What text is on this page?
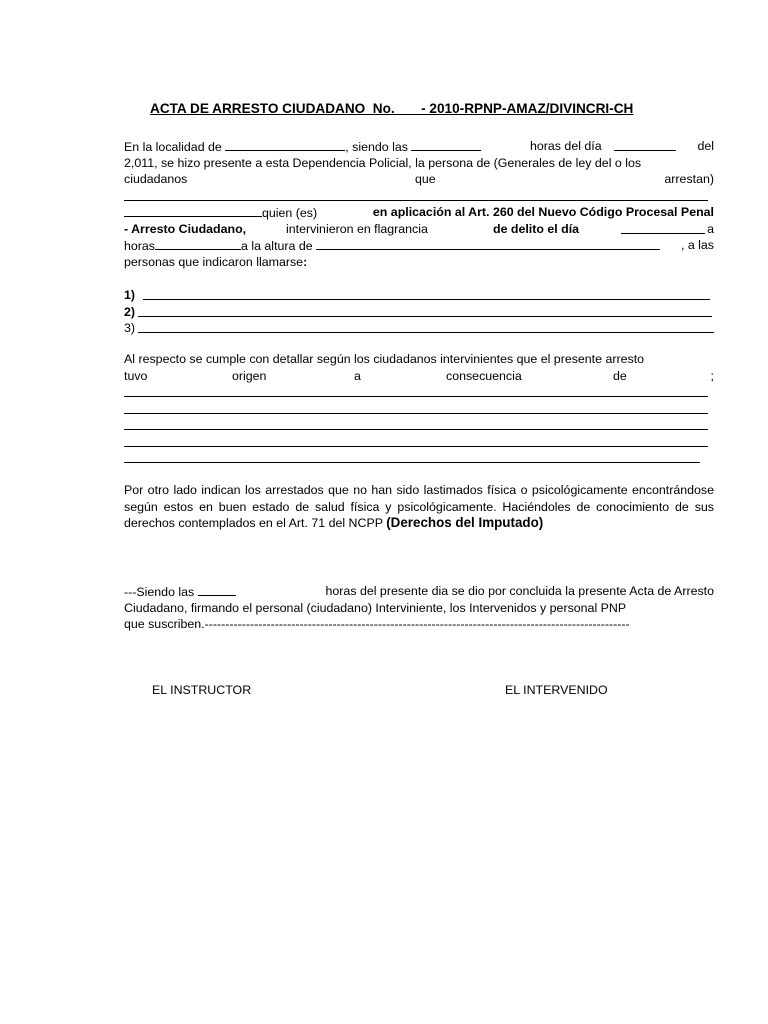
ACTA DE ARRESTO CIUDADANO  No.       - 2010-RPNP-AMAZ/DIVINCRI-CH
En la localidad de	, siendo las	horas del día	del
2,011, se hizo presente a esta Dependencia Policial, la persona de (Generales de ley del o los
ciudadanos	que	arrestan)
quien (es)	en aplicación al Art. 260 del Nuevo Código Procesal Penal
- Arresto Ciudadano,	intervinieron en flagrancia	de delito el día	a
horas	a la altura de	, a las
personas que indicaron llamarse:
1)
2)
3)
Al respecto se cumple con detallar según los ciudadanos intervinientes que el presente arresto
tuvo	origen	a	consecuencia	de	;
Por otro lado indican los arrestados que no han sido lastimados física o psicológicamente encontrándose según estos en buen estado de salud física y psicológicamente. Haciéndoles de conocimiento de sus derechos contemplados en el Art. 71 del NCPP (Derechos del Imputado)
---Siendo las	horas del presente dia se dio por concluida la presente Acta de Arresto
Ciudadano, firmando el personal (ciudadano) Interviniente, los Intervenidos y personal PNP
que suscriben.-------------------------------------------------------------------------------------------------------
EL INSTRUCTOR	EL INTERVENIDO
